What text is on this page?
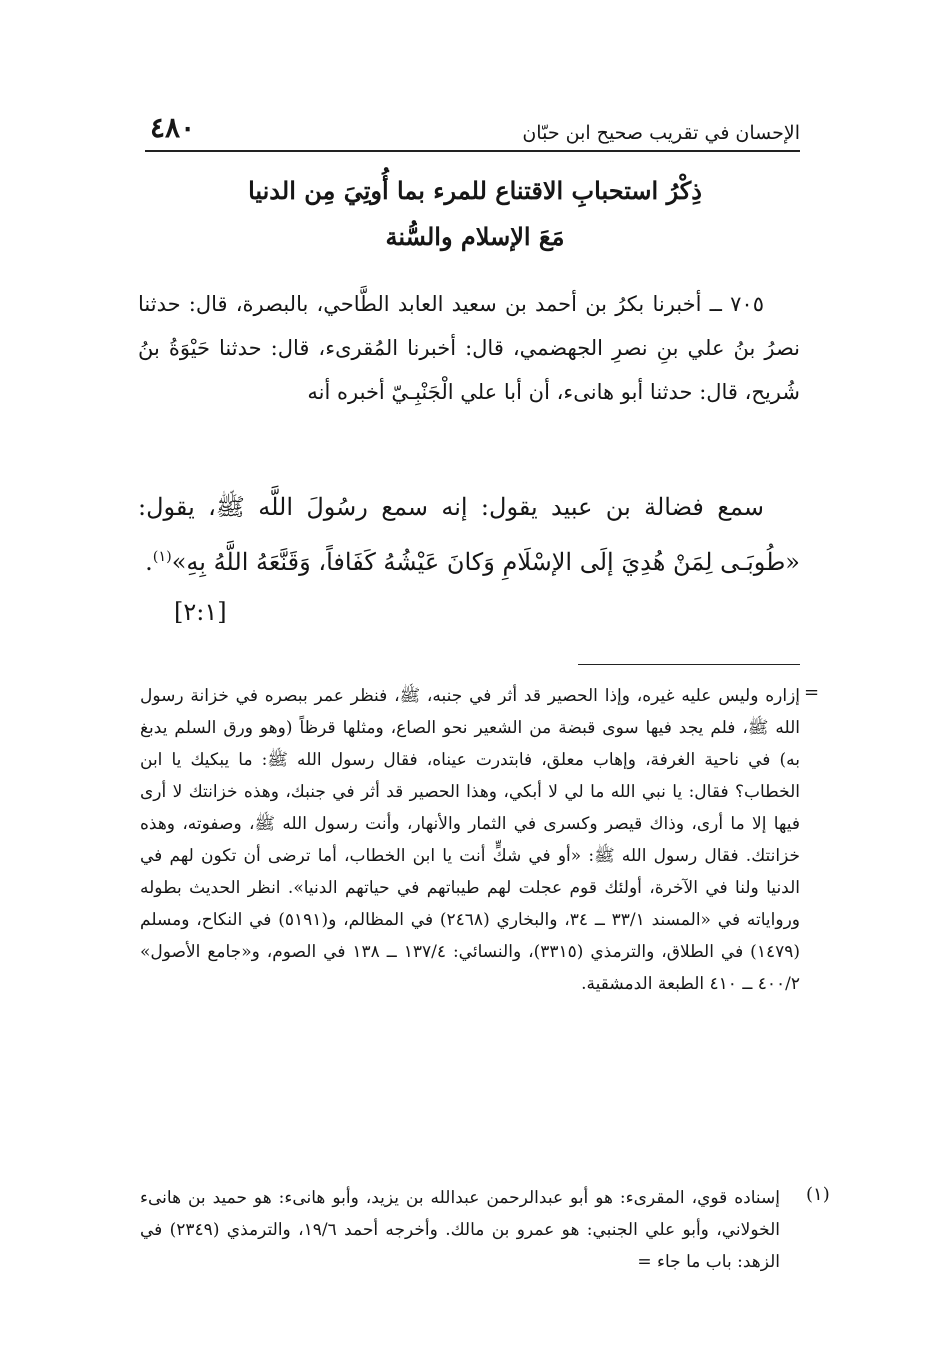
الإحسان في تقريب صحيح ابن حبّان
٤٨٠
ذِكْرُ استحبابِ الاقتناع للمرء بما أُوتِيَ مِن الدنيا
مَعَ الإسلام والسُّنة

٧٠٥ ــ أخبرنا بكرُ بن أحمد بن سعيد العابد الطَّاحي، بالبصرة، قال: حدثنا نصرُ بنُ علي بنِ نصرِ الجهضمي، قال: أخبرنا المُقرىء، قال: حدثنا حَيْوَةُ بنُ شُريح، قال: حدثنا أبو هانىء، أن أبا علي الْجَنْبِـيّ أخبره أنه

سمع فضالة بن عبيد يقول: إنه سمع رسُولَ اللَّه ﷺ، يقول: «طُوبَـى لِمَنْ هُدِيَ إلَى الإسْلَامِ وَكانَ عَيْشُهُ كَفَافاً، وَقَنَّعَهُ اللَّهُ بِهِ»$^{(١)}$.
[٢:١]

=

إزاره وليس عليه غيره، وإذا الحصير قد أثر في جنبه، ﷺ، فنظر عمر ببصره في خزانة رسول الله ﷺ، فلم يجد فيها سوى قبضة من الشعير نحو الصاع، ومثلها قرظاً (وهو ورق السلم يدبغ به) في ناحية الغرفة، وإهاب معلق، فابتدرت عيناه، فقال رسول الله ﷺ: ما يبكيك يا ابن الخطاب؟ فقال: يا نبي الله ما لي لا أبكي، وهذا الحصير قد أثر في جنبك، وهذه خزانتك لا أرى فيها إلا ما أرى، وذاك قيصر وكسرى في الثمار والأنهار، وأنت رسول الله ﷺ، وصفوته، وهذه خزانتك. فقال رسول الله ﷺ: «أو في شكٍّ أنت يا ابن الخطاب، أما ترضى أن تكون لهم في الدنيا ولنا في الآخرة، أولئك قوم عجلت لهم طيباتهم في حياتهم الدنيا». انظر الحديث بطوله ورواياته في «المسند ٣٣/١ ــ ٣٤، والبخاري (٢٤٦٨) في المظالم، و(٥١٩١) في النكاح، ومسلم (١٤٧٩) في الطلاق، والترمذي (٣٣١٥)، والنسائي: ١٣٧/٤ ــ ١٣٨ في الصوم، و«جامع الأصول» ٤٠٠/٢ ــ ٤١٠ الطبعة الدمشقية.

(١)

إسناده قوي، المقرىء: هو أبو عبدالرحمن عبدالله بن يزيد، وأبو هانىء: هو حميد بن هانىء الخولاني، وأبو علي الجنبي: هو عمرو بن مالك. وأخرجه أحمد ١٩/٦، والترمذي (٢٣٤٩) في الزهد: باب ما جاء =
